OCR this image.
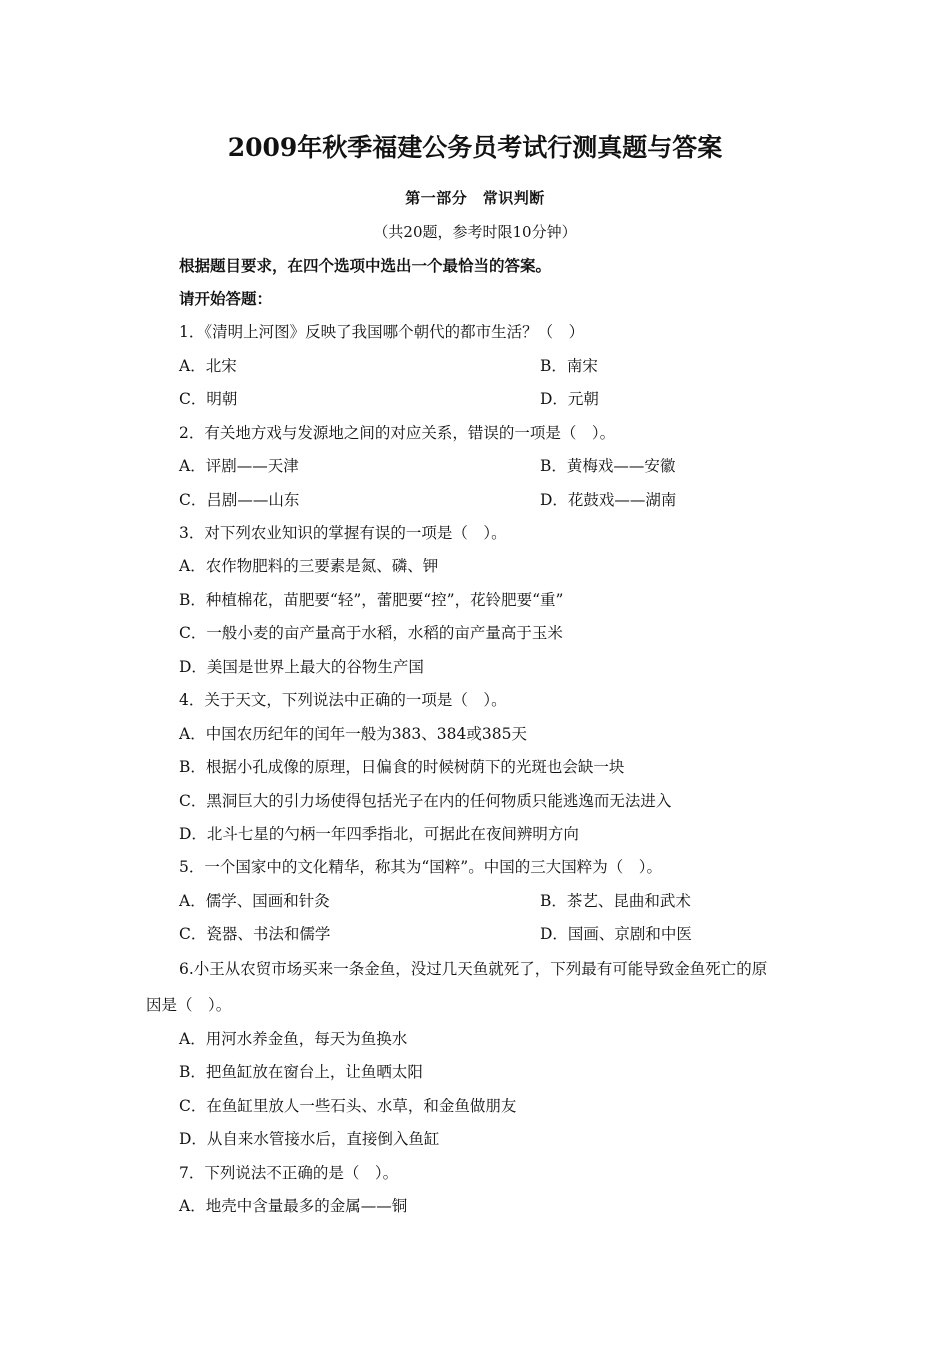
2009年秋季福建公务员考试行测真题与答案
第一部分　常识判断
（共20题，参考时限10分钟）
根据题目要求，在四个选项中选出一个最恰当的答案。
请开始答题：
1．《清明上河图》反映了我国哪个朝代的都市生活？（　）
A．北宋	B．南宋
C．明朝	D．元朝
2．有关地方戏与发源地之间的对应关系，错误的一项是（　）。
A．评剧——天津	B．黄梅戏——安徽
C．吕剧——山东	D．花鼓戏——湖南
3．对下列农业知识的掌握有误的一项是（　）。
A．农作物肥料的三要素是氮、磷、钾
B．种植棉花，苗肥要“轻”，蕾肥要“控”，花铃肥要“重”
C．一般小麦的亩产量高于水稻，水稻的亩产量高于玉米
D．美国是世界上最大的谷物生产国
4．关于天文，下列说法中正确的一项是（　）。
A．中国农历纪年的闰年一般为383、384或385天
B．根据小孔成像的原理，日偏食的时候树荫下的光斑也会缺一块
C．黑洞巨大的引力场使得包括光子在内的任何物质只能逃逸而无法进入
D．北斗七星的勺柄一年四季指北，可据此在夜间辨明方向
5．一个国家中的文化精华，称其为“国粹”。中国的三大国粹为（　）。
A．儒学、国画和针灸	B．茶艺、昆曲和武术
C．瓷器、书法和儒学	D．国画、京剧和中医
6.小王从农贸市场买来一条金鱼，没过几天鱼就死了，下列最有可能导致金鱼死亡的原
因是（　）。
A．用河水养金鱼，每天为鱼换水
B．把鱼缸放在窗台上，让鱼晒太阳
C．在鱼缸里放人一些石头、水草，和金鱼做朋友
D．从自来水管接水后，直接倒入鱼缸
7．下列说法不正确的是（　）。
A．地壳中含量最多的金属——铜
